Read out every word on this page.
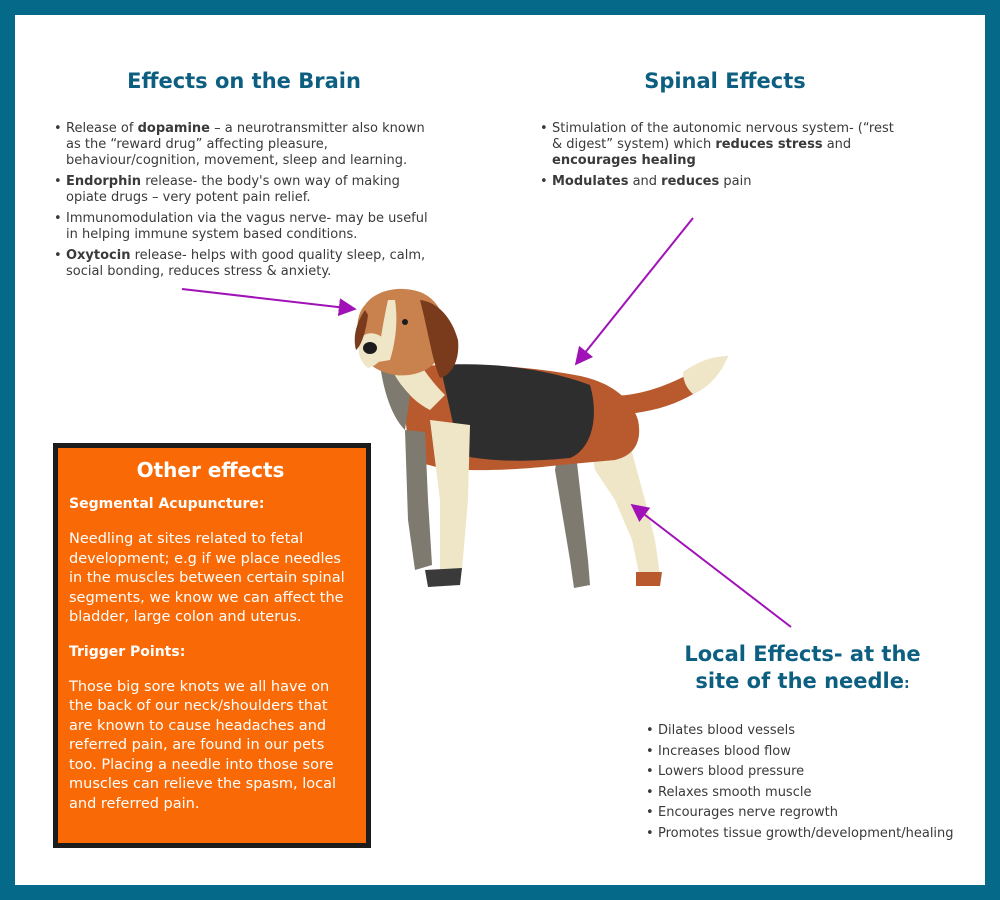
Effects on the Brain
• Release of dopamine – a neurotransmitter also known as the “reward drug” affecting pleasure, behaviour/cognition, movement, sleep and learning.
• Endorphin release- the body's own way of making opiate drugs – very potent pain relief.
• Immunomodulation via the vagus nerve- may be useful in helping immune system based conditions.
• Oxytocin release- helps with good quality sleep, calm, social bonding, reduces stress & anxiety.
Spinal Effects
• Stimulation of the autonomic nervous system- (“rest & digest” system) which reduces stress and encourages healing
• Modulates and reduces pain
Local Effects- at the
site of the needle:
• Dilates blood vessels
• Increases blood flow
• Lowers blood pressure
• Relaxes smooth muscle
• Encourages nerve regrowth
• Promotes tissue growth/development/healing
Other effects
Segmental Acupuncture:
Needling at sites related to fetal development; e.g if we place needles in the muscles between certain spinal segments, we know we can affect the bladder, large colon and uterus.
Trigger Points:
Those big sore knots we all have on the back of our neck/shoulders that are known to cause headaches and referred pain, are found in our pets too. Placing a needle into those sore muscles can relieve the spasm, local and referred pain.
